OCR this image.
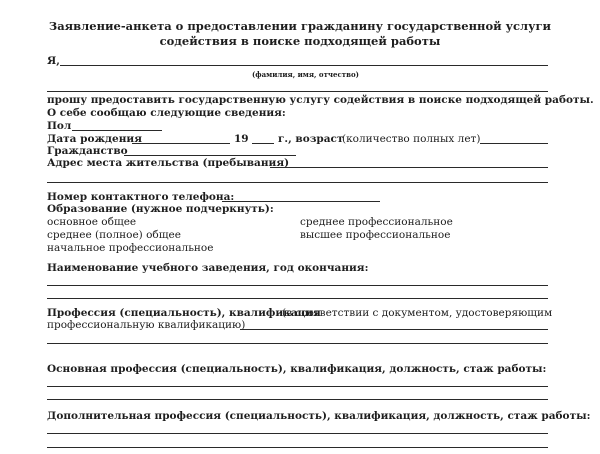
Заявление-анкета о предоставлении гражданину государственной услуги
содействия в поиске подходящей работы
Я,
(фамилия, имя, отчество)
прошу предоставить государственную услугу содействия в поиске подходящей работы.
О себе сообщаю следующие сведения:
Пол
Дата рождения	19	г., возраст
(количество полных лет)
Гражданство
Адрес места жительства (пребывания)
Номер контактного телефона:
Образование (нужное подчеркнуть):
основное общее	среднее профессиональное
среднее (полное) общее	высшее профессиональное
начальное профессиональное
Наименование учебного заведения, год окончания:
Профессия (специальность), квалификация
(в соответствии с документом, удостоверяющим
профессиональную квалификацию)
Основная профессия (специальность), квалификация, должность, стаж работы:
Дополнительная профессия (специальность), квалификация, должность, стаж работы:
